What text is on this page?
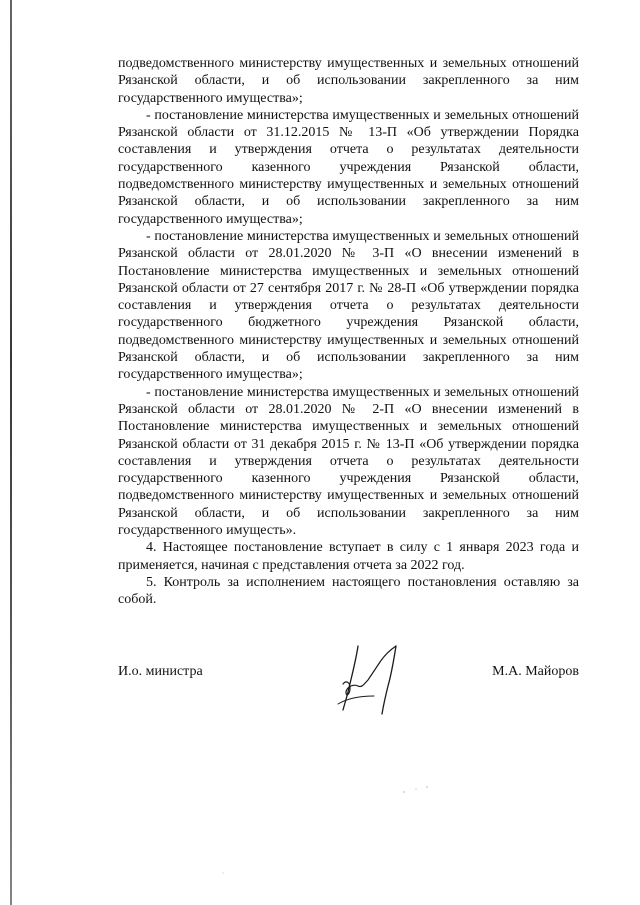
подведомственного министерству имущественных и земельных отношений
Рязанской области, и об использовании закрепленного за ним
государственного имущества»;
- постановление министерства имущественных и земельных отношений
Рязанской области от 31.12.2015 № 13-П «Об утверждении Порядка
составления и утверждения отчета о результатах деятельности
государственного казенного учреждения Рязанской области,
подведомственного министерству имущественных и земельных отношений
Рязанской области, и об использовании закрепленного за ним
государственного имущества»;
- постановление министерства имущественных и земельных отношений
Рязанской области от 28.01.2020 № 3-П «О внесении изменений в
Постановление министерства имущественных и земельных отношений
Рязанской области от 27 сентября 2017 г. № 28-П «Об утверждении порядка
составления и утверждения отчета о результатах деятельности
государственного бюджетного учреждения Рязанской области,
подведомственного министерству имущественных и земельных отношений
Рязанской области, и об использовании закрепленного за ним
государственного имущества»;
- постановление министерства имущественных и земельных отношений
Рязанской области от 28.01.2020 № 2-П «О внесении изменений в
Постановление министерства имущественных и земельных отношений
Рязанской области от 31 декабря 2015 г. № 13-П «Об утверждении порядка
составления и утверждения отчета о результатах деятельности
государственного казенного учреждения Рязанской области,
подведомственного министерству имущественных и земельных отношений
Рязанской области, и об использовании закрепленного за ним
государственного имущесть».
4. Настоящее постановление вступает в силу с 1 января 2023 года и
применяется, начиная с представления отчета за 2022 год.
5. Контроль за исполнением настоящего постановления оставляю за
собой.
И.о. министра	М.А. Майоров
